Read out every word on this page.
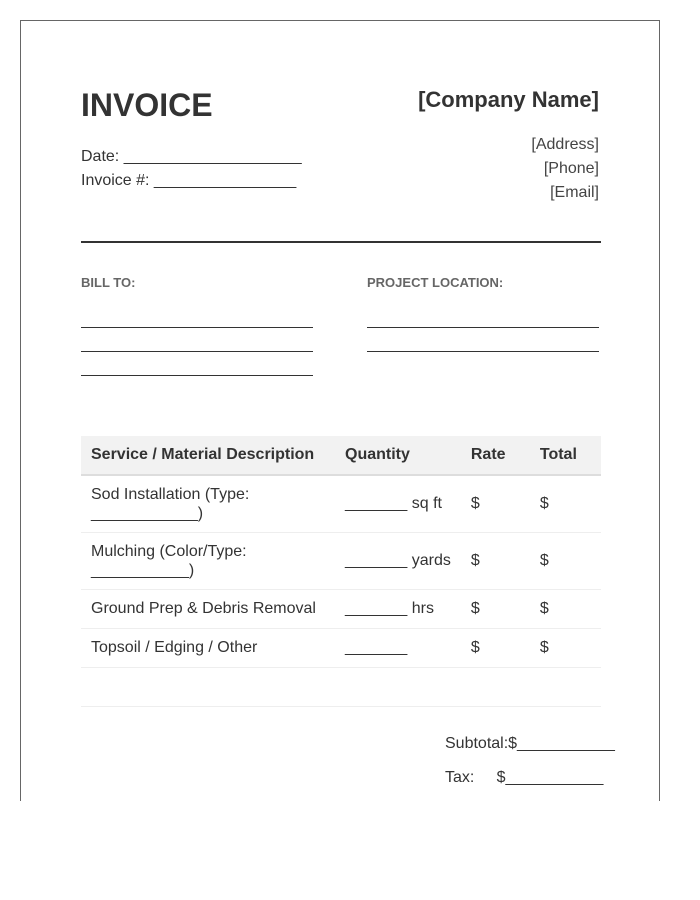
INVOICE	[Company Name]
[Address]
[Phone]
[Email]
Date: ____________________
Invoice #: ________________
BILL TO:	PROJECT LOCATION:
Service / Material Description	Quantity	Rate	Total
Sod Installation (Type: ____________)	_______ sq ft	$	$
Mulching (Color/Type: ___________)	_______ yards	$	$
Ground Prep & Debris Removal	_______ hrs	$	$
Topsoil / Edging / Other	_______	$	$

Subtotal:$___________
Tax:     $___________
